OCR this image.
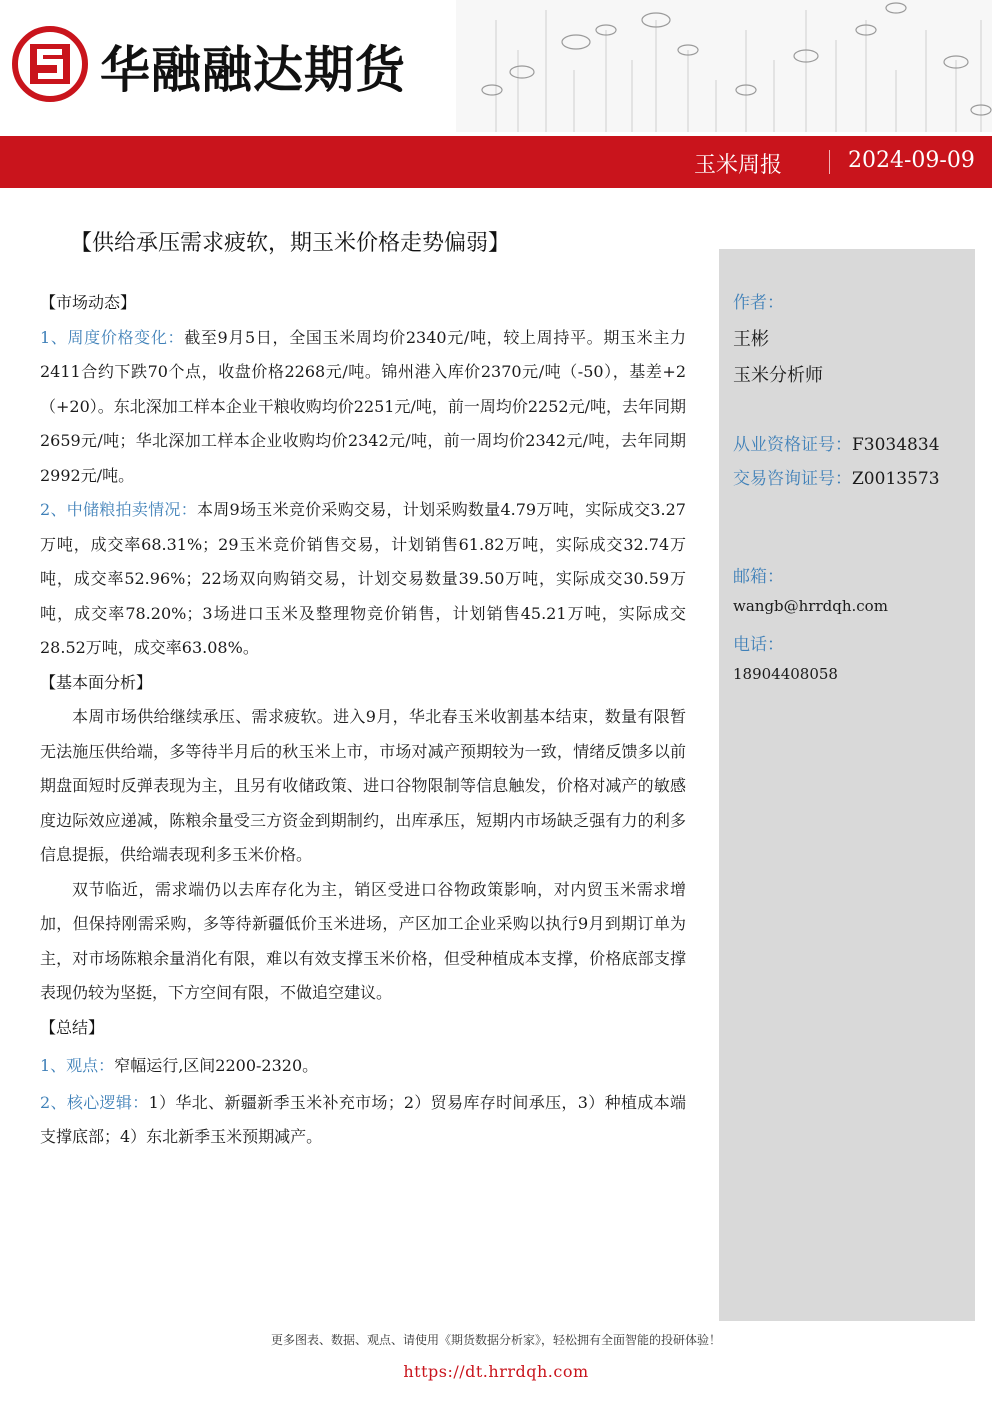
华融融达期货
玉米周报	2024-09-09
【供给承压需求疲软，期玉米价格走势偏弱】

【市场动态】

1、周度价格变化：截至9月5日，全国玉米周均价2340元/吨，较上周持平。期玉米主力2411合约下跌70个点，收盘价格2268元/吨。锦州港入库价2370元/吨（-50），基差+2（+20）。东北深加工样本企业干粮收购均价2251元/吨，前一周均价2252元/吨，去年同期2659元/吨；华北深加工样本企业收购均价2342元/吨，前一周均价2342元/吨，去年同期2992元/吨。

2、中储粮拍卖情况：本周9场玉米竞价采购交易，计划采购数量4.79万吨，实际成交3.27万吨，成交率68.31%；29玉米竞价销售交易，计划销售61.82万吨，实际成交32.74万吨，成交率52.96%；22场双向购销交易，计划交易数量39.50万吨，实际成交30.59万吨，成交率78.20%；3场进口玉米及整理物竞价销售，计划销售45.21万吨，实际成交28.52万吨，成交率63.08%。

【基本面分析】

本周市场供给继续承压、需求疲软。进入9月，华北春玉米收割基本结束，数量有限暂无法施压供给端，多等待半月后的秋玉米上市，市场对减产预期较为一致，情绪反馈多以前期盘面短时反弹表现为主，且另有收储政策、进口谷物限制等信息触发，价格对减产的敏感度边际效应递减，陈粮余量受三方资金到期制约，出库承压，短期内市场缺乏强有力的利多信息提振，供给端表现利多玉米价格。

双节临近，需求端仍以去库存化为主，销区受进口谷物政策影响，对内贸玉米需求增加，但保持刚需采购，多等待新疆低价玉米进场，产区加工企业采购以执行9月到期订单为主，对市场陈粮余量消化有限，难以有效支撑玉米价格，但受种植成本支撑，价格底部支撑表现仍较为坚挺，下方空间有限，不做追空建议。

【总结】

1、观点：窄幅运行,区间2200-2320。

2、核心逻辑：1）华北、新疆新季玉米补充市场；2）贸易库存时间承压，3）种植成本端支撑底部；4）东北新季玉米预期减产。

作者：
王彬
玉米分析师
从业资格证号：F3034834
交易咨询证号：Z0013573
邮箱：
wangb@hrrdqh.com
电话：
18904408058
更多图表、数据、观点、请使用《期货数据分析家》，轻松拥有全面智能的投研体验！
https://dt.hrrdqh.com
